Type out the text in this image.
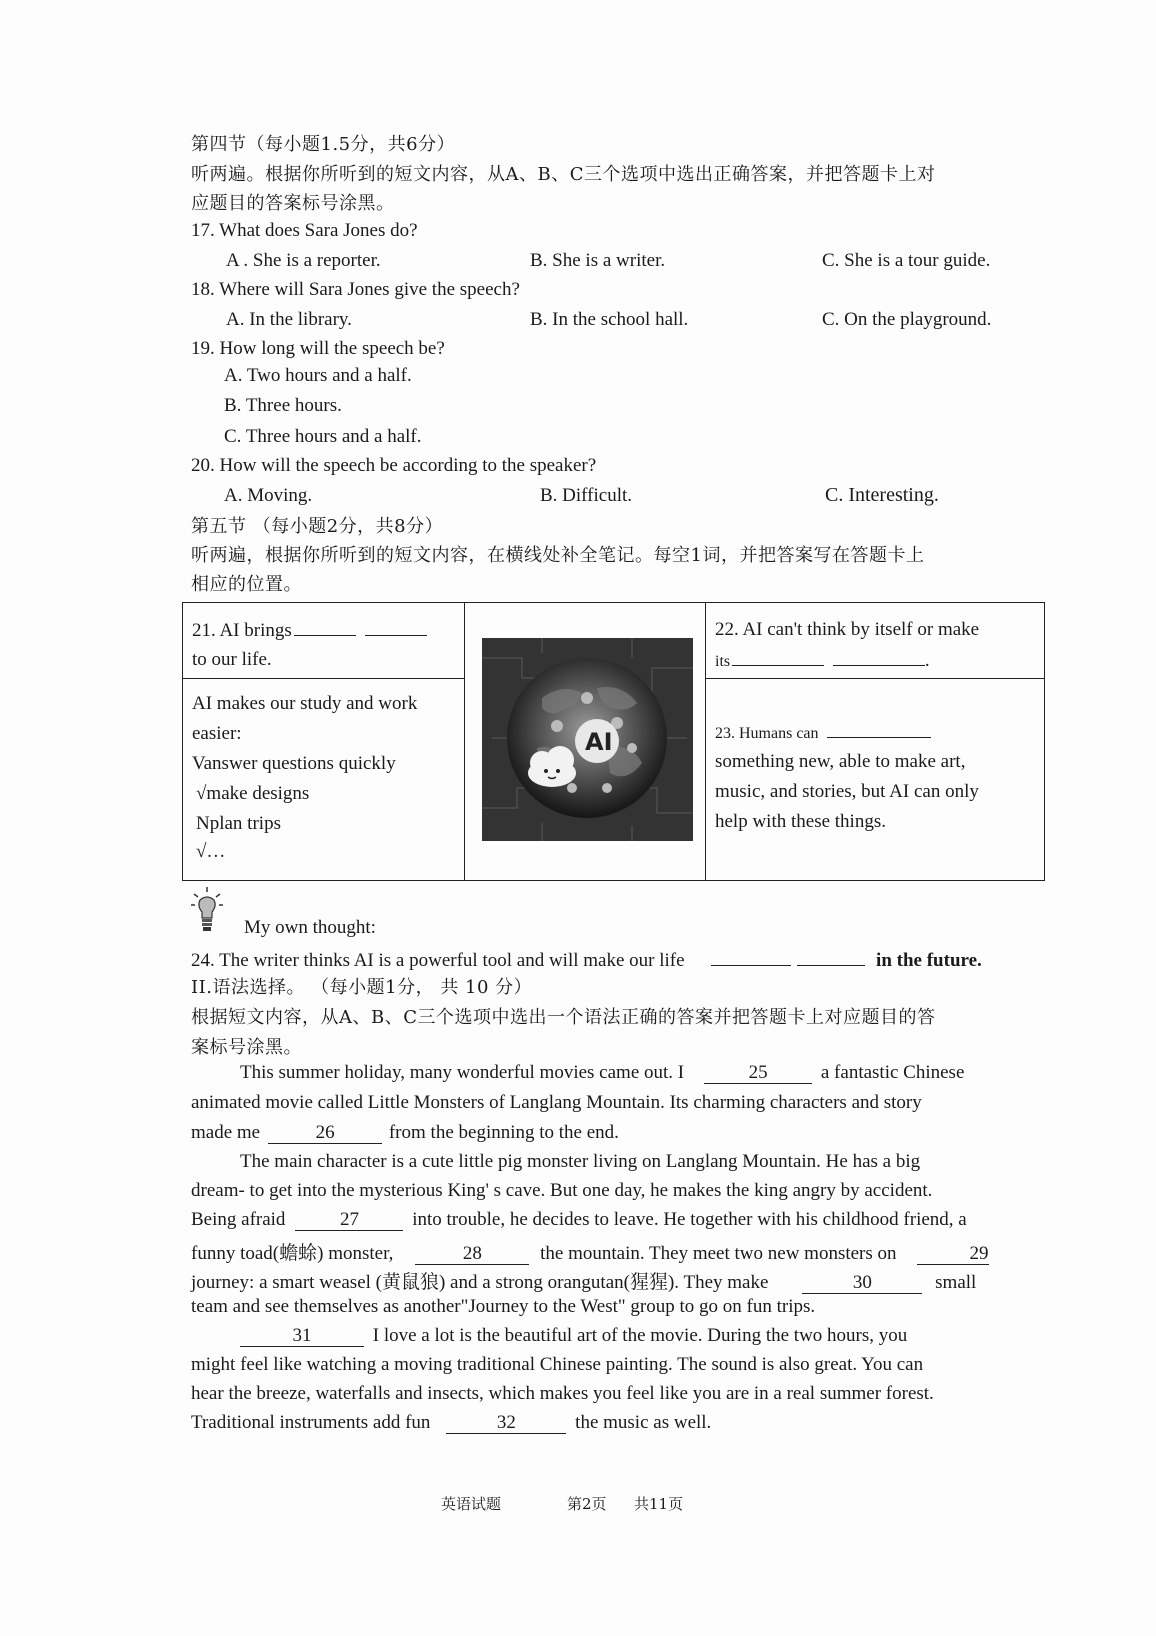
第四节（每小题1.5分，共6分）
听两遍。根据你所听到的短文内容，从A、B、C三个选项中选出正确答案，并把答题卡上对
应题目的答案标号涂黑。
17. What does Sara Jones do?
A . She is a reporter.	B. She is a writer.	C. She is a tour guide.
18. Where will Sara Jones give the speech?
A. In the library.	B. In the school hall.	C. On the playground.
19. How long will the speech be?
A. Two hours and a half.
B. Three hours.
C. Three hours and a half.
20. How will the speech be according to the speaker?
A. Moving.	B. Difficult.	C. Interesting.
第五节 （每小题2分，共8分）
听两遍，根据你所听到的短文内容，在横线处补全笔记。每空1词，并把答案写在答题卡上
相应的位置。
21. AI brings
to our life.
AI makes our study and work
easier:
Vanswer questions quickly
√make designs
Nplan trips
√…
AI
22. AI can't think by itself or make
its	.
23. Humans can
something new, able to make art,
music, and stories, but AI can only
help with these things.
My own thought:
24. The writer thinks AI is a powerful tool and will make our life	in the future.
II.语法选择。 （每小题1分， 共 10 分）
根据短文内容，从A、B、C三个选项中选出一个语法正确的答案并把答题卡上对应题目的答
案标号涂黑。
This summer holiday, many wonderful movies came out. I	25	a fantastic Chinese
animated movie called Little Monsters of Langlang Mountain. Its charming characters and story
made me	26	from the beginning to the end.
The main character is a cute little pig monster living on Langlang Mountain. He has a big
dream- to get into the mysterious King' s cave. But one day, he makes the king angry by accident.
Being afraid	27	into trouble, he decides to leave. He together with his childhood friend, a
funny toad(蟾蜍) monster,	28	the mountain. They meet two new monsters on	29
journey: a smart weasel (黄鼠狼) and a strong orangutan(猩猩). They make	30	small
team and see themselves as another"Journey to the West" group to go on fun trips.
31	I love a lot is the beautiful art of the movie. During the two hours, you
might feel like watching a moving traditional Chinese painting. The sound is also great. You can
hear the breeze, waterfalls and insects, which makes you feel like you are in a real summer forest.
Traditional instruments add fun	32	the music as well.
英语试题	第2页 共11页
